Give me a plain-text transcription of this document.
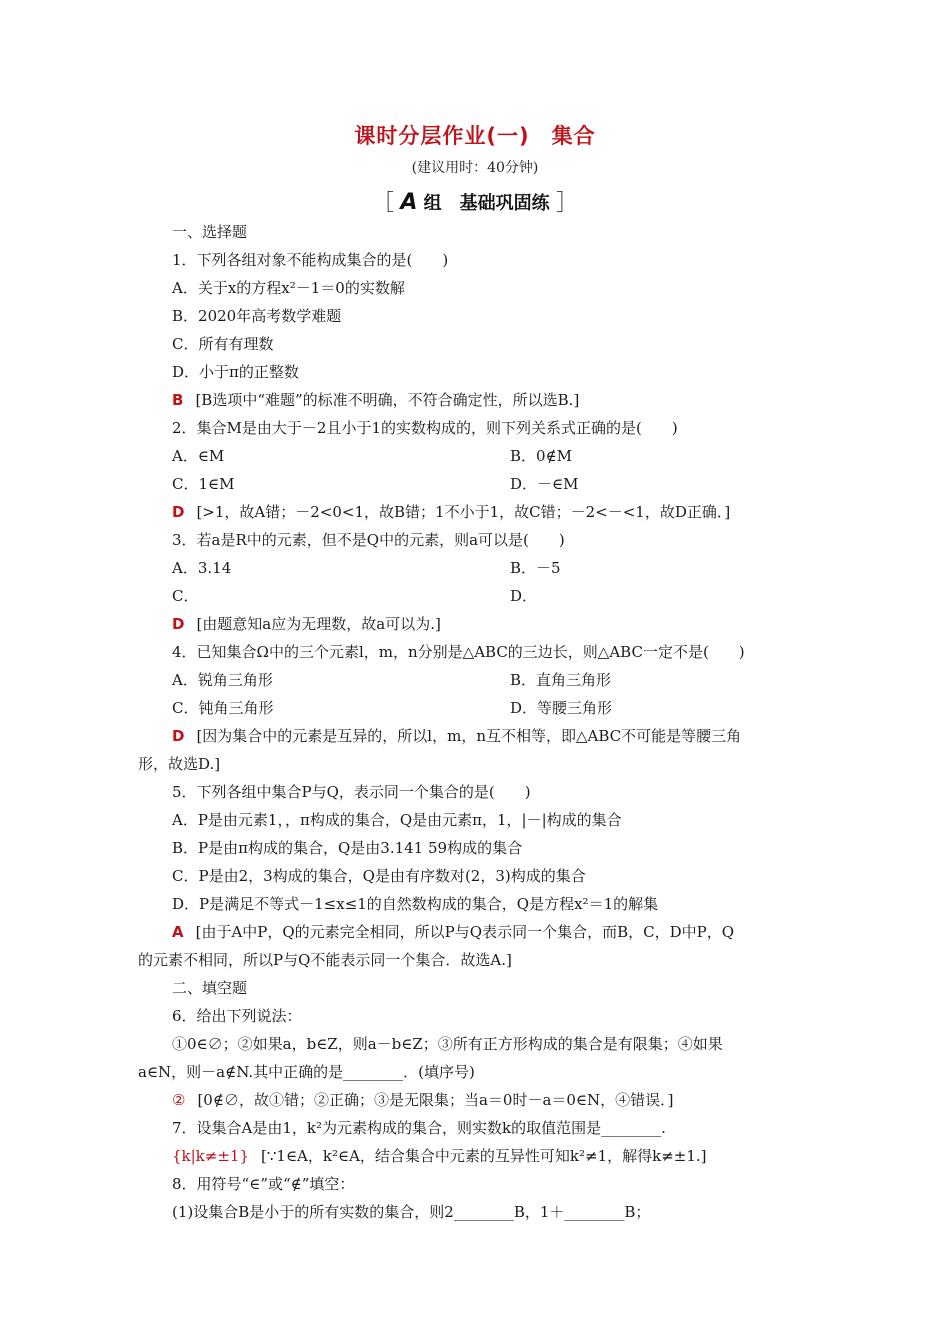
课时分层作业(一)　集合
(建议用时：40分钟)
［ A 组　基础巩固练 ］
一、选择题
1．下列各组对象不能构成集合的是(　　)
A．关于x的方程x²－1＝0的实数解
B．2020年高考数学难题
C．所有有理数
D．小于π的正整数
B [B选项中“难题”的标准不明确，不符合确定性，所以选B.]
2．集合M是由大于－2且小于1的实数构成的，则下列关系式正确的是(　　)
A．∈M	B．0∉M
C．1∈M	D．－∈M
D [>1，故A错；－2<0<1，故B错；1不小于1，故C错；－2<－<1，故D正确．]
3．若a是R中的元素，但不是Q中的元素，则a可以是(　　)
A．3.14	B．－5
C．	D．
D [由题意知a应为无理数，故a可以为.]
4．已知集合Ω中的三个元素l，m，n分别是△ABC的三边长，则△ABC一定不是(　　)
A．锐角三角形	B．直角三角形
C．钝角三角形	D．等腰三角形
D [因为集合中的元素是互异的，所以l，m，n互不相等，即△ABC不可能是等腰三角
形，故选D.]
5．下列各组中集合P与Q，表示同一个集合的是(　　)
A．P是由元素1，，π构成的集合，Q是由元素π，1，|－|构成的集合
B．P是由π构成的集合，Q是由3.141 59构成的集合
C．P是由2，3构成的集合，Q是由有序数对(2，3)构成的集合
D．P是满足不等式－1≤x≤1的自然数构成的集合，Q是方程x²＝1的解集
A [由于A中P，Q的元素完全相同，所以P与Q表示同一个集合，而B，C，D中P，Q
的元素不相同，所以P与Q不能表示同一个集合．故选A.]
二、填空题
6．给出下列说法：
①0∈∅；②如果a，b∈Z，则a－b∈Z；③所有正方形构成的集合是有限集；④如果
a∈N，则－a∉N.其中正确的是________．(填序号)
② [0∉∅，故①错；②正确；③是无限集；当a＝0时－a＝0∈N，④错误．]
7．设集合A是由1，k²为元素构成的集合，则实数k的取值范围是________.
{k|k≠±1} [∵1∈A，k²∈A，结合集合中元素的互异性可知k²≠1，解得k≠±1.]
8．用符号“∈”或“∉”填空：
(1)设集合B是小于的所有实数的集合，则2________B，1＋________B；
